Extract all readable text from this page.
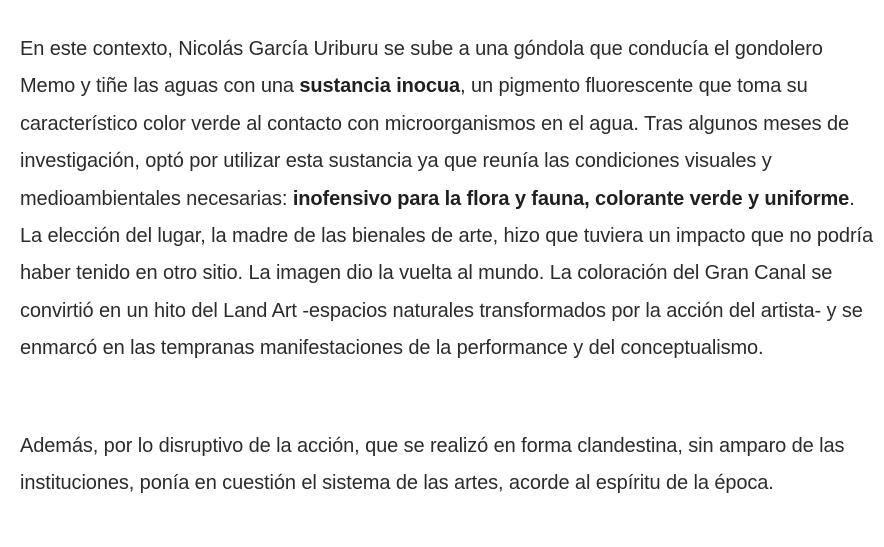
En este contexto, Nicolás García Uriburu se sube a una góndola que conducía el gondolero Memo y tiñe las aguas con una sustancia inocua, un pigmento fluorescente que toma su característico color verde al contacto con microorganismos en el agua. Tras algunos meses de investigación, optó por utilizar esta sustancia ya que reunía las condiciones visuales y medioambientales necesarias: inofensivo para la flora y fauna, colorante verde y uniforme. La elección del lugar, la madre de las bienales de arte, hizo que tuviera un impacto que no podría haber tenido en otro sitio. La imagen dio la vuelta al mundo. La coloración del Gran Canal se convirtió en un hito del Land Art -espacios naturales transformados por la acción del artista- y se enmarcó en las tempranas manifestaciones de la performance y del conceptualismo.

Además, por lo disruptivo de la acción, que se realizó en forma clandestina, sin amparo de las instituciones, ponía en cuestión el sistema de las artes, acorde al espíritu de la época.
